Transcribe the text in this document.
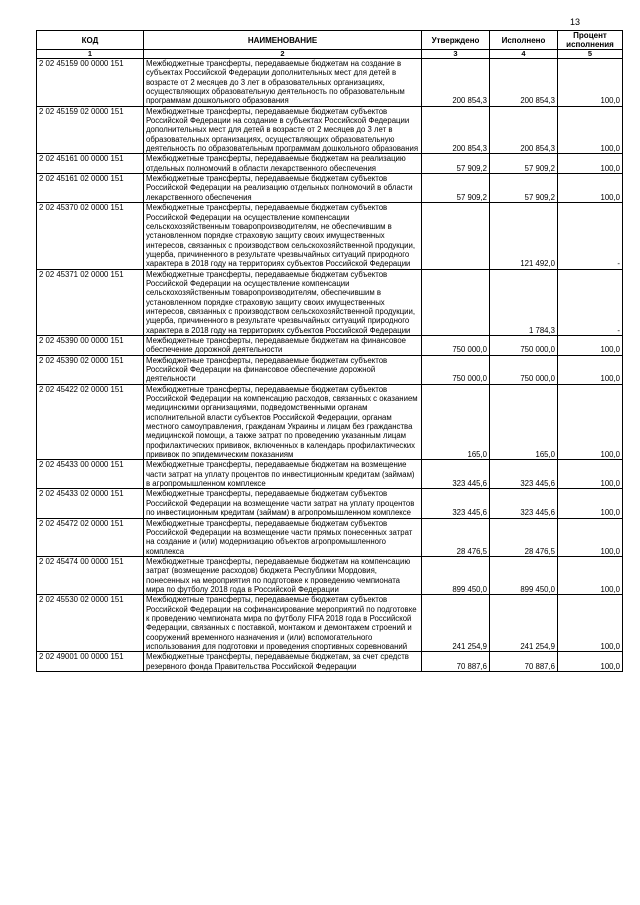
13
КОД	НАИМЕНОВАНИЕ	Утверждено	Исполнено	Процент исполнения
1	2	3	4	5
2 02 45159 00 0000 151	Межбюджетные трансферты, передаваемые бюджетам на создание в субъектах Российской Федерации дополнительных мест для детей в возрасте от 2 месяцев до 3 лет в образовательных организациях, осуществляющих образовательную деятельность по образовательным программам дошкольного образования	200 854,3	200 854,3	100,0
2 02 45159 02 0000 151	Межбюджетные трансферты, передаваемые бюджетам субъектов Российской Федерации на создание в субъектах Российской Федерации дополнительных мест для детей в возрасте от 2 месяцев до 3 лет в образовательных организациях, осуществляющих образовательную деятельность по образовательным программам дошкольного образования	200 854,3	200 854,3	100,0
2 02 45161 00 0000 151	Межбюджетные трансферты, передаваемые бюджетам на реализацию отдельных полномочий в области лекарственного обеспечения	57 909,2	57 909,2	100,0
2 02 45161 02 0000 151	Межбюджетные трансферты, передаваемые бюджетам субъектов Российской Федерации на реализацию отдельных полномочий в области лекарственного обеспечения	57 909,2	57 909,2	100,0
2 02 45370 02 0000 151	Межбюджетные трансферты, передаваемые бюджетам субъектов Российской Федерации на осуществление компенсации сельскохозяйственным товаропроизводителям, не обеспечившим в установленном порядке страховую защиту своих имущественных интересов, связанных с производством сельскохозяйственной продукции, ущерба, причиненного в результате чрезвычайных ситуаций природного характера в 2018 году на территориях субъектов Российской Федерации		121 492,0	-
2 02 45371 02 0000 151	Межбюджетные трансферты, передаваемые бюджетам субъектов Российской Федерации на осуществление компенсации сельскохозяйственным товаропроизводителям, обеспечившим в установленном порядке страховую защиту своих имущественных интересов, связанных с производством сельскохозяйственной продукции, ущерба, причиненного в результате чрезвычайных ситуаций природного характера в 2018 году на территориях субъектов Российской Федерации		1 784,3	-
2 02 45390 00 0000 151	Межбюджетные трансферты, передаваемые бюджетам на финансовое обеспечение дорожной деятельности	750 000,0	750 000,0	100,0
2 02 45390 02 0000 151	Межбюджетные трансферты, передаваемые бюджетам субъектов Российской Федерации на финансовое обеспечение дорожной деятельности	750 000,0	750 000,0	100,0
2 02 45422 02 0000 151	Межбюджетные трансферты, передаваемые бюджетам субъектов Российской Федерации на компенсацию расходов, связанных с оказанием медицинскими организациями, подведомственными органам исполнительной власти субъектов Российской Федерации, органам местного самоуправления, гражданам Украины и лицам без гражданства медицинской помощи, а также затрат по проведению указанным лицам профилактических прививок, включенных в календарь профилактических прививок по эпидемическим показаниям	165,0	165,0	100,0
2 02 45433 00 0000 151	Межбюджетные трансферты, передаваемые бюджетам на возмещение части затрат на уплату процентов по инвестиционным кредитам (займам) в агропромышленном комплексе	323 445,6	323 445,6	100,0
2 02 45433 02 0000 151	Межбюджетные трансферты, передаваемые бюджетам субъектов Российской Федерации на возмещение части затрат на уплату процентов по инвестиционным кредитам (займам) в агропромышленном комплексе	323 445,6	323 445,6	100,0
2 02 45472 02 0000 151	Межбюджетные трансферты, передаваемые бюджетам субъектов Российской Федерации на возмещение части прямых понесенных затрат на создание и (или) модернизацию объектов агропромышленного комплекса	28 476,5	28 476,5	100,0
2 02 45474 00 0000 151	Межбюджетные трансферты, передаваемые бюджетам на компенсацию затрат (возмещение расходов) бюджета Республики Мордовия, понесенных на мероприятия по подготовке к проведению чемпионата мира по футболу 2018 года в Российской Федерации	899 450,0	899 450,0	100,0
2 02 45530 02 0000 151	Межбюджетные трансферты, передаваемые бюджетам субъектов Российской Федерации на софинансирование мероприятий по подготовке к проведению чемпионата мира по футболу FIFA 2018 года в Российской Федерации, связанных с поставкой, монтажом и демонтажем строений и сооружений временного назначения и (или) вспомогательного использования для подготовки и проведения спортивных соревнований	241 254,9	241 254,9	100,0
2 02 49001 00 0000 151	Межбюджетные трансферты, передаваемые бюджетам, за счет средств резервного фонда Правительства Российской Федерации	70 887,6	70 887,6	100,0
